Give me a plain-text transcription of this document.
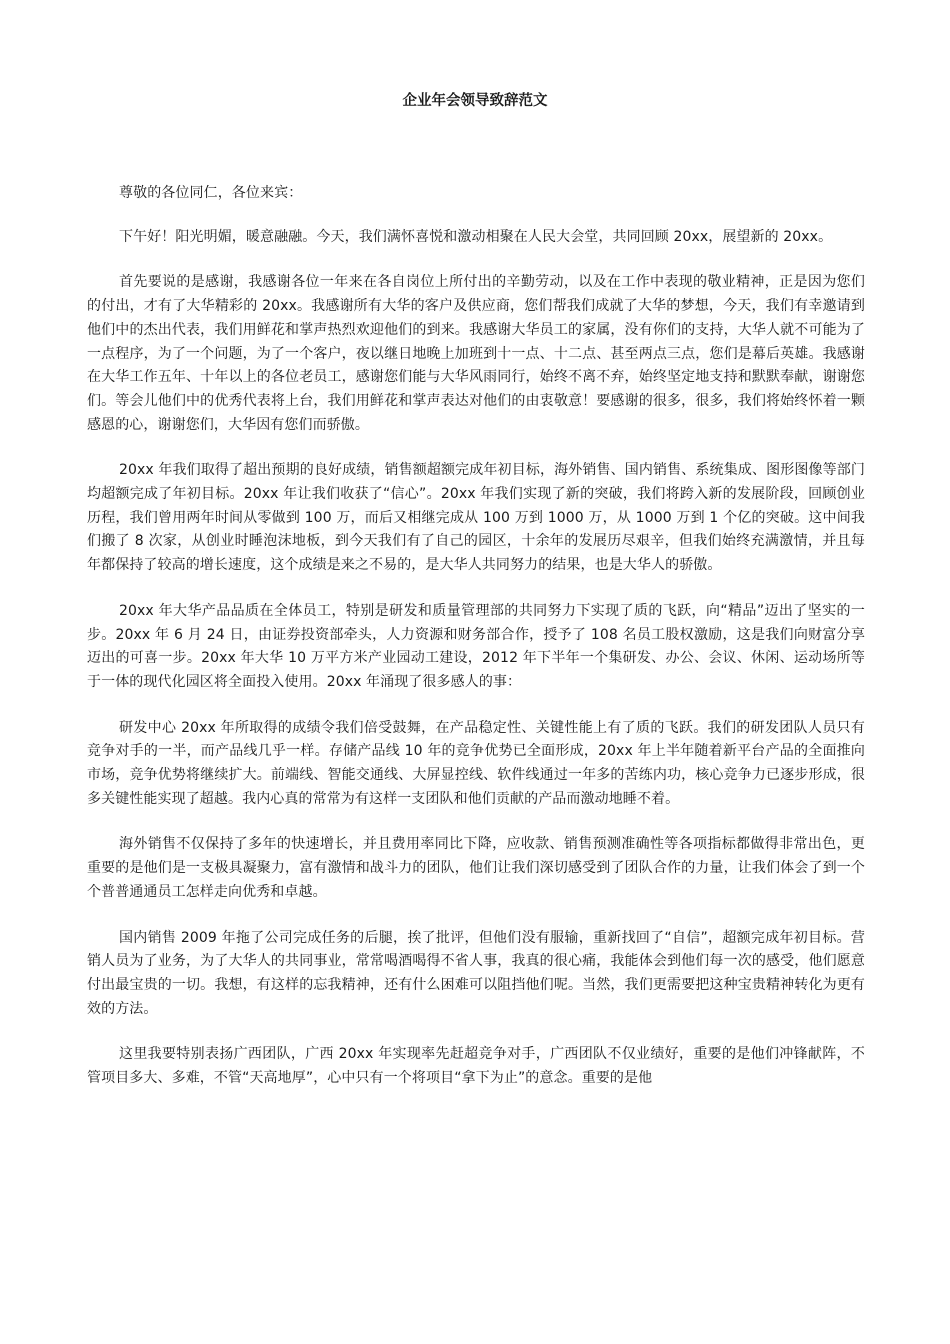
企业年会领导致辞范文

尊敬的各位同仁，各位来宾：

下午好！阳光明媚，暖意融融。今天，我们满怀喜悦和激动相聚在人民大会堂，共同回顾 20xx，展望新的 20xx。

首先要说的是感谢，我感谢各位一年来在各自岗位上所付出的辛勤劳动，以及在工作中表现的敬业精神，正是因为您们的付出，才有了大华精彩的 20xx。我感谢所有大华的客户及供应商，您们帮我们成就了大华的梦想，今天，我们有幸邀请到他们中的杰出代表，我们用鲜花和掌声热烈欢迎他们的到来。我感谢大华员工的家属，没有你们的支持，大华人就不可能为了一点程序，为了一个问题，为了一个客户，夜以继日地晚上加班到十一点、十二点、甚至两点三点，您们是幕后英雄。我感谢在大华工作五年、十年以上的各位老员工，感谢您们能与大华风雨同行，始终不离不弃，始终坚定地支持和默默奉献，谢谢您们。等会儿他们中的优秀代表将上台，我们用鲜花和掌声表达对他们的由衷敬意！要感谢的很多，很多，我们将始终怀着一颗感恩的心，谢谢您们，大华因有您们而骄傲。

20xx 年我们取得了超出预期的良好成绩，销售额超额完成年初目标，海外销售、国内销售、系统集成、图形图像等部门均超额完成了年初目标。20xx 年让我们收获了“信心”。20xx 年我们实现了新的突破，我们将跨入新的发展阶段，回顾创业历程，我们曾用两年时间从零做到 100 万，而后又相继完成从 100 万到 1000 万，从 1000 万到 1 个亿的突破。这中间我们搬了 8 次家，从创业时睡泡沫地板，到今天我们有了自己的园区，十余年的发展历尽艰辛，但我们始终充满激情，并且每年都保持了较高的增长速度，这个成绩是来之不易的，是大华人共同努力的结果，也是大华人的骄傲。

20xx 年大华产品品质在全体员工，特别是研发和质量管理部的共同努力下实现了质的飞跃，向“精品”迈出了坚实的一步。20xx 年 6 月 24 日，由证券投资部牵头，人力资源和财务部合作，授予了 108 名员工股权激励，这是我们向财富分享迈出的可喜一步。20xx 年大华 10 万平方米产业园动工建设，2012 年下半年一个集研发、办公、会议、休闲、运动场所等于一体的现代化园区将全面投入使用。20xx 年涌现了很多感人的事：

研发中心 20xx 年所取得的成绩令我们倍受鼓舞，在产品稳定性、关键性能上有了质的飞跃。我们的研发团队人员只有竞争对手的一半，而产品线几乎一样。存储产品线 10 年的竞争优势已全面形成，20xx 年上半年随着新平台产品的全面推向市场，竞争优势将继续扩大。前端线、智能交通线、大屏显控线、软件线通过一年多的苦练内功，核心竞争力已逐步形成，很多关键性能实现了超越。我内心真的常常为有这样一支团队和他们贡献的产品而激动地睡不着。

海外销售不仅保持了多年的快速增长，并且费用率同比下降，应收款、销售预测准确性等各项指标都做得非常出色，更重要的是他们是一支极具凝聚力，富有激情和战斗力的团队，他们让我们深切感受到了团队合作的力量，让我们体会了到一个个普普通通员工怎样走向优秀和卓越。

国内销售 2009 年拖了公司完成任务的后腿，挨了批评，但他们没有服输，重新找回了“自信”，超额完成年初目标。营销人员为了业务，为了大华人的共同事业，常常喝酒喝得不省人事，我真的很心痛，我能体会到他们每一次的感受，他们愿意付出最宝贵的一切。我想，有这样的忘我精神，还有什么困难可以阻挡他们呢。当然，我们更需要把这种宝贵精神转化为更有效的方法。

这里我要特别表扬广西团队，广西 20xx 年实现率先赶超竞争对手，广西团队不仅业绩好，重要的是他们冲锋献阵，不管项目多大、多难，不管“天高地厚”，心中只有一个将项目“拿下为止”的意念。重要的是他
